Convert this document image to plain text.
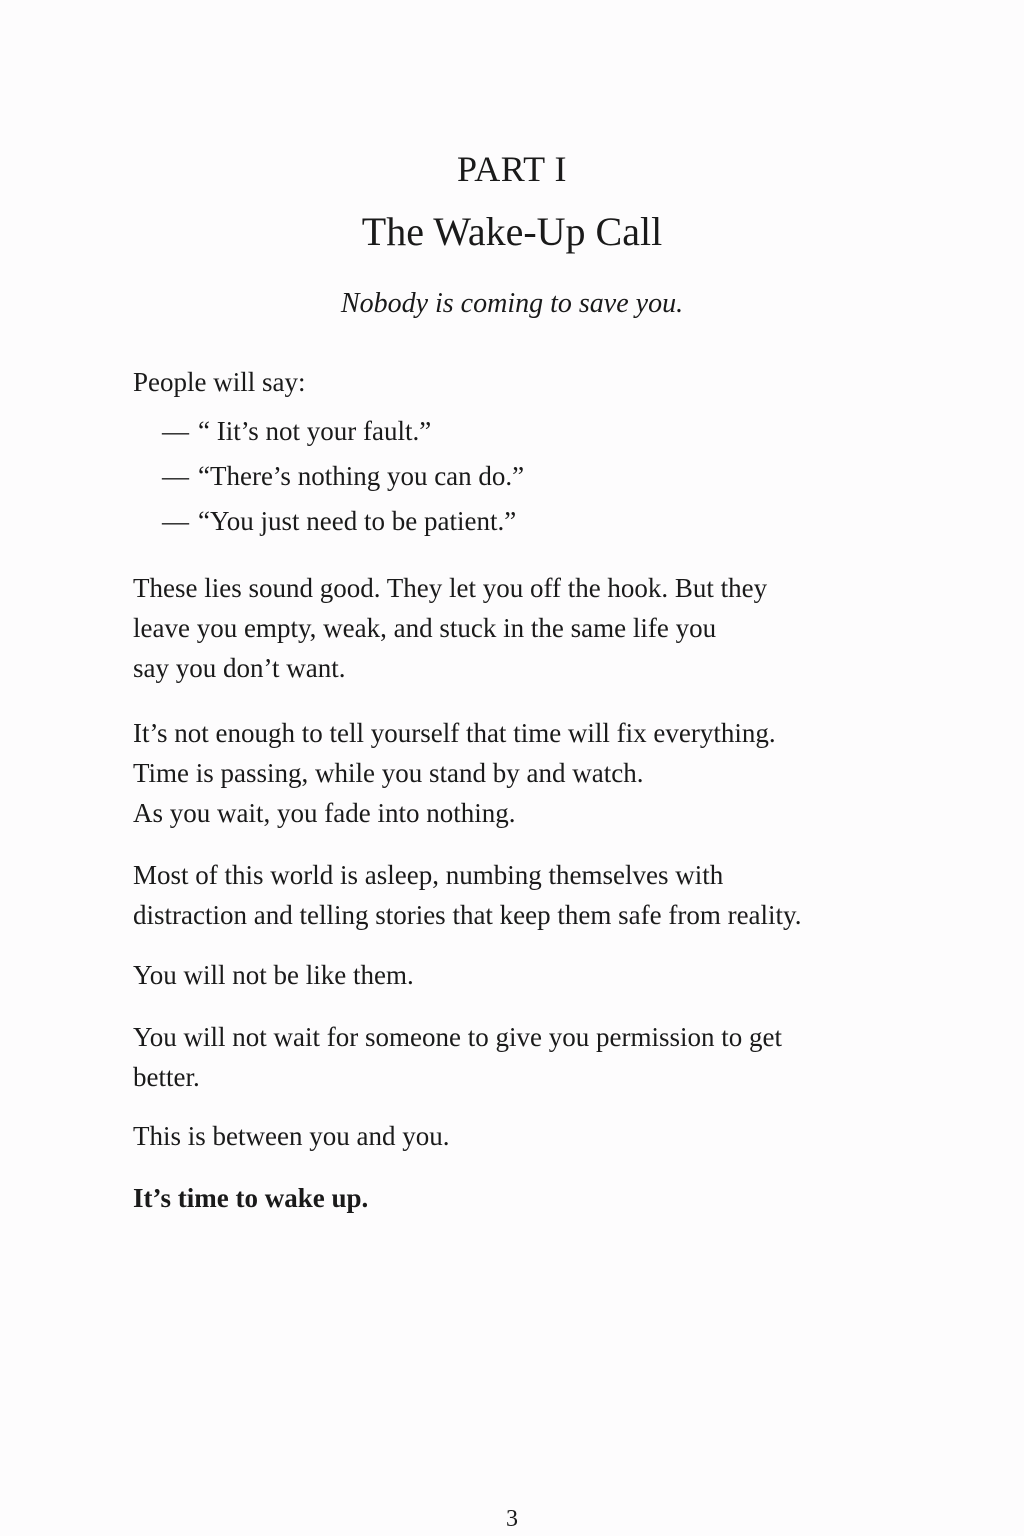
PART I
The Wake-Up Call
Nobody is coming to save you.
People will say:
— “ Iit’s not your fault.”
— “There’s nothing you can do.”
— “You just need to be patient.”
These lies sound good. They let you off the hook. But they
leave you empty, weak, and stuck in the same life you
say you don’t want.
It’s not enough to tell yourself that time will fix everything.
Time is passing, while you stand by and watch.
As you wait, you fade into nothing.
Most of this world is asleep, numbing themselves with
distraction and telling stories that keep them safe from reality.
You will not be like them.
You will not wait for someone to give you permission to get
better.
This is between you and you.
It’s time to wake up.
3
